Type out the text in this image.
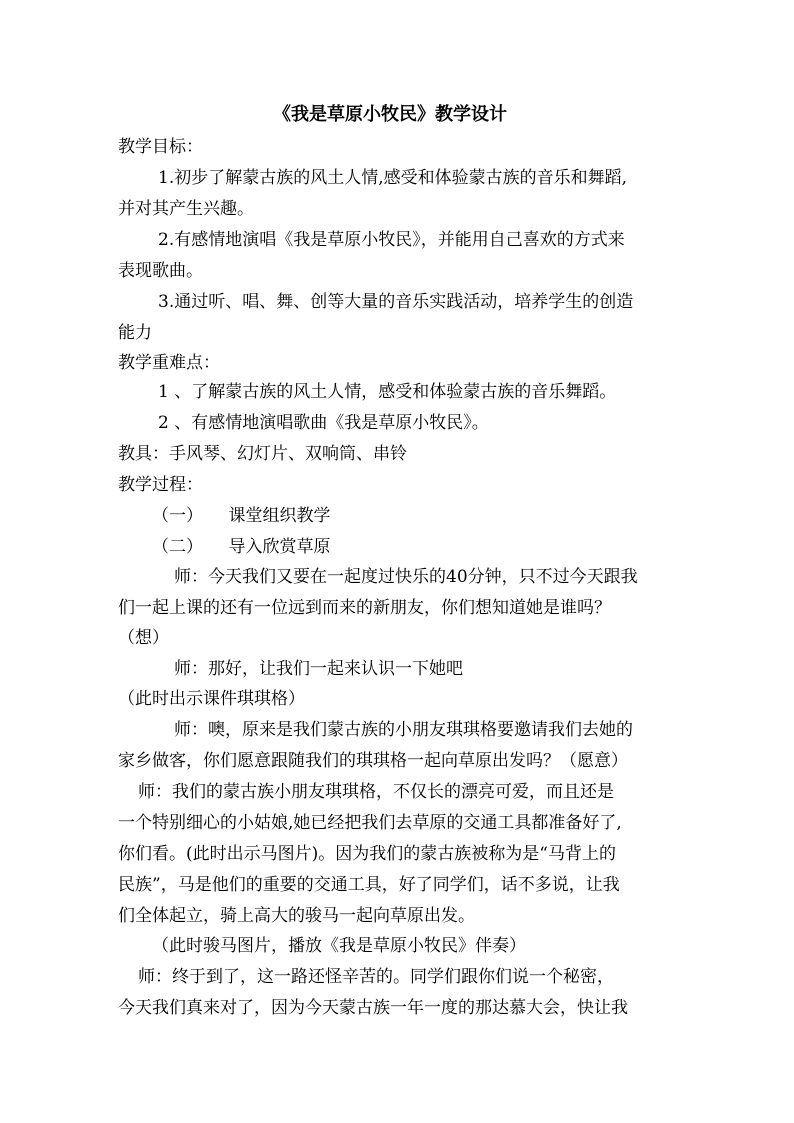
《我是草原小牧民》教学设计

教学目标：

1.初步了解蒙古族的风土人情,感受和体验蒙古族的音乐和舞蹈,

并对其产生兴趣。

2.有感情地演唱《我是草原小牧民》，并能用自己喜欢的方式来

表现歌曲。

3.通过听、唱、舞、创等大量的音乐实践活动，培养学生的创造

能力

教学重难点：

1 、了解蒙古族的风土人情，感受和体验蒙古族的音乐舞蹈。

2 、有感情地演唱歌曲《我是草原小牧民》。

教具：手风琴、幻灯片、双响筒、串铃

教学过程：

（一）　　课堂组织教学

（二）　　导入欣赏草原

师：今天我们又要在一起度过快乐的40分钟，只不过今天跟我

们一起上课的还有一位远到而来的新朋友，你们想知道她是谁吗？

（想）

师：那好，让我们一起来认识一下她吧

（此时出示课件琪琪格）

师：噢，原来是我们蒙古族的小朋友琪琪格要邀请我们去她的

家乡做客，你们愿意跟随我们的琪琪格一起向草原出发吗？（愿意）

师：我们的蒙古族小朋友琪琪格，不仅长的漂亮可爱，而且还是

一个特别细心的小姑娘,她已经把我们去草原的交通工具都准备好了,

你们看。(此时出示马图片)。因为我们的蒙古族被称为是“马背上的

民族”，马是他们的重要的交通工具，好了同学们，话不多说，让我

们全体起立，骑上高大的骏马一起向草原出发。

（此时骏马图片，播放《我是草原小牧民》伴奏）

师：终于到了，这一路还怪辛苦的。同学们跟你们说一个秘密，

今天我们真来对了，因为今天蒙古族一年一度的那达慕大会，快让我
